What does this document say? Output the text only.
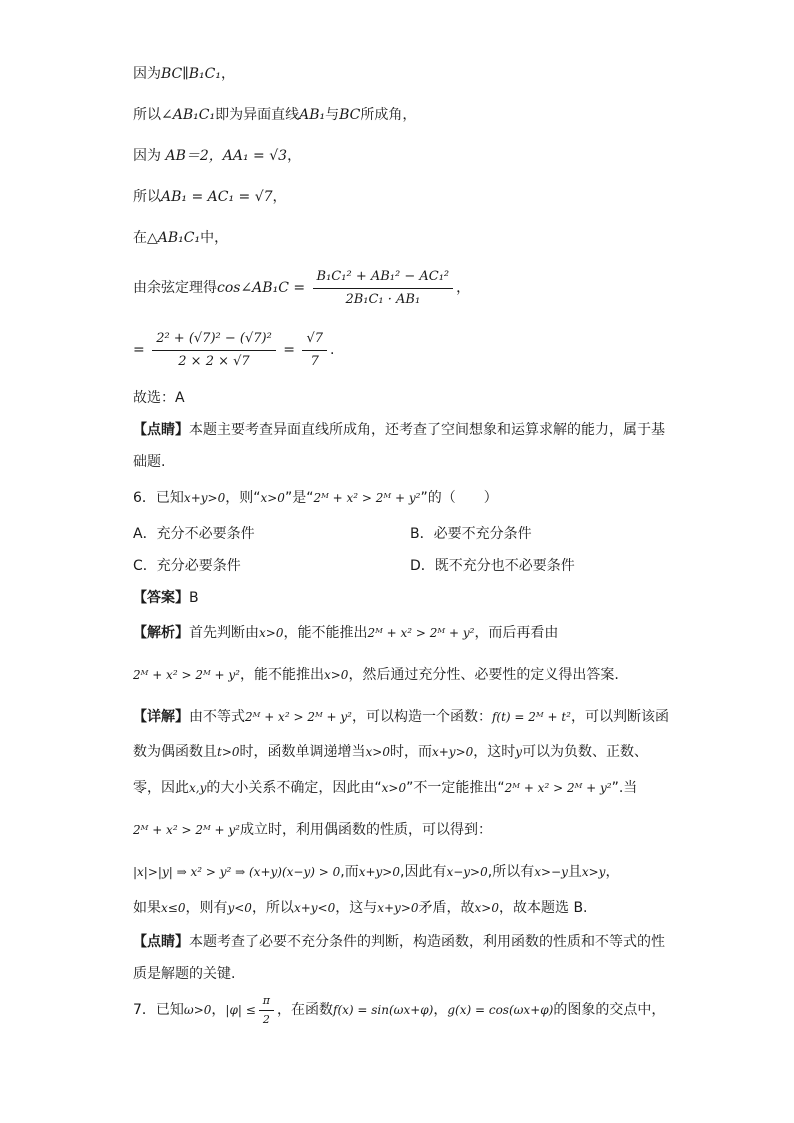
因为BC∥B₁C₁，
所以∠AB₁C₁即为异面直线AB₁与BC所成角，
因为 AB＝2，AA₁ = √3，
所以AB₁ = AC₁ = √7，
在△AB₁C₁中，
由余弦定理得cos∠AB₁C = $\frac{\text{B₁C₁² + AB₁² − AC₁²}}{\text{2B₁C₁ · AB₁}}$ ，
= $\frac{\text{2² + (√7)² − (√7)²}}{2 \times 2 \times √7} = \frac{√7}{7}$ .
故选：A
【点睛】本题主要考查异面直线所成角，还考查了空间想象和运算求解的能力，属于基
础题.
6．已知x+y>0，则“x>0”是“2ᴹ + x² > 2ᴹ + y²”的（　　）
A．充分不必要条件	B．必要不充分条件
C．充分必要条件	D．既不充分也不必要条件
【答案】B
【解析】首先判断由x>0，能不能推出2ᴹ + x² > 2ᴹ + y²，而后再看由
2ᴹ + x² > 2ᴹ + y²，能不能推出x>0，然后通过充分性、必要性的定义得出答案.
【详解】由不等式2ᴹ + x² > 2ᴹ + y²，可以构造一个函数：f(t) = 2ᴹ + t²，可以判断该函
数为偶函数且t>0时，函数单调递增当x>0时，而x+y>0，这时y可以为负数、正数、
零，因此x,y的大小关系不确定，因此由“x>0”不一定能推出“2ᴹ + x² > 2ᴹ + y²”.当
2ᴹ + x² > 2ᴹ + y²成立时，利用偶函数的性质，可以得到：
|x|>|y| ⇒ x² > y² ⇒ (x+y)(x−y) > 0,而x+y>0,因此有x−y>0,所以有x>−y且x>y，
如果x≤0，则有y<0，所以x+y<0，这与x+y>0矛盾，故x>0，故本题选 B.
【点睛】本题考查了必要不充分条件的判断，构造函数，利用函数的性质和不等式的性
质是解题的关键.
7．已知ω>0，$|\varphi| \le \frac{\pi}{2}$ ，在函数f(x) = sin(ωx+φ)，g(x) = cos(ωx+φ)的图象的交点中，
